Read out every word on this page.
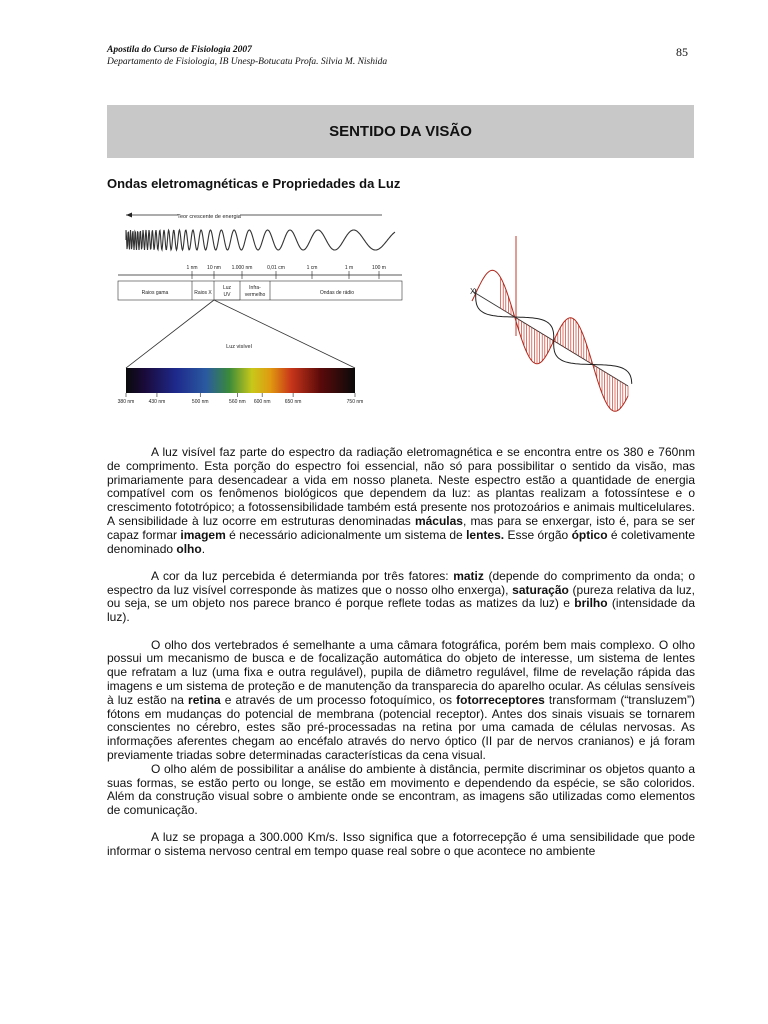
Apostila do Curso de Fisiologia 2007
Departamento de Fisiologia, IB Unesp-Botucatu Profa. Silvia M. Nishida
85
SENTIDO DA VISÃO
Ondas eletromagnéticas e Propriedades da Luz
Teor crescente de energia
1 nm 10 nm 1.000 nm	0,01 cm	1 cm	1 m	100 m
Raios gama	Raios X
Luz
UV
Infra-
vermelho	Ondas de rádio
Luz visível
380 nm	430 nm	500 nm	560 nm 600 nm	650 nm	750 nm
X

A luz visível faz parte do espectro da radiação eletromagnética e se encontra entre os 380 e 760nm de comprimento. Esta porção do espectro foi essencial, não só para possibilitar o sentido da visão, mas primariamente para desencadear a vida em nosso planeta. Neste espectro estão a quantidade de energia compatível com os fenômenos biológicos que dependem da luz: as plantas realizam a fotossíntese e o crescimento fototrópico; a fotossensibilidade também está presente nos protozoários e animais multicelulares. A sensibilidade à luz ocorre em estruturas denominadas máculas, mas para se enxergar, isto é, para se ser capaz formar imagem é necessário adicionalmente um sistema de lentes. Esse órgão óptico é coletivamente denominado olho.

A cor da luz percebida é determianda por três fatores: matiz (depende do comprimento da onda; o espectro da luz visível corresponde às matizes que o nosso olho enxerga), saturação (pureza relativa da luz, ou seja, se um objeto nos parece branco é porque reflete todas as matizes da luz) e brilho (intensidade da luz).

O olho dos vertebrados é semelhante a uma câmara fotográfica, porém bem mais complexo. O olho possui um mecanismo de busca e de focalização automática do objeto de interesse, um sistema de lentes que refratam a luz (uma fixa e outra regulável), pupila de diâmetro regulável, filme de revelação rápida das imagens e um sistema de proteção e de manutenção da transparecia do aparelho ocular. As células sensíveis à luz estão na retina e através de um processo fotoquímico, os fotorreceptores transformam (“transluzem”) fótons em mudanças do potencial de membrana (potencial receptor). Antes dos sinais visuais se tornarem conscientes no cérebro, estes são pré-processadas na retina por uma camada de células nervosas. As informações aferentes chegam ao encéfalo através do nervo óptico (II par de nervos cranianos) e já foram previamente triadas sobre determinadas características da cena visual.

O olho além de possibilitar a análise do ambiente à distância, permite discriminar os objetos quanto a suas formas, se estão perto ou longe, se estão em movimento e dependendo da espécie, se são coloridos. Além da construção visual sobre o ambiente onde se encontram, as imagens são utilizadas como elementos de comunicação.

A luz se propaga a 300.000 Km/s. Isso significa que a fotorrecepção é uma sensibilidade que pode informar o sistema nervoso central em tempo quase real sobre o que acontece no ambiente
